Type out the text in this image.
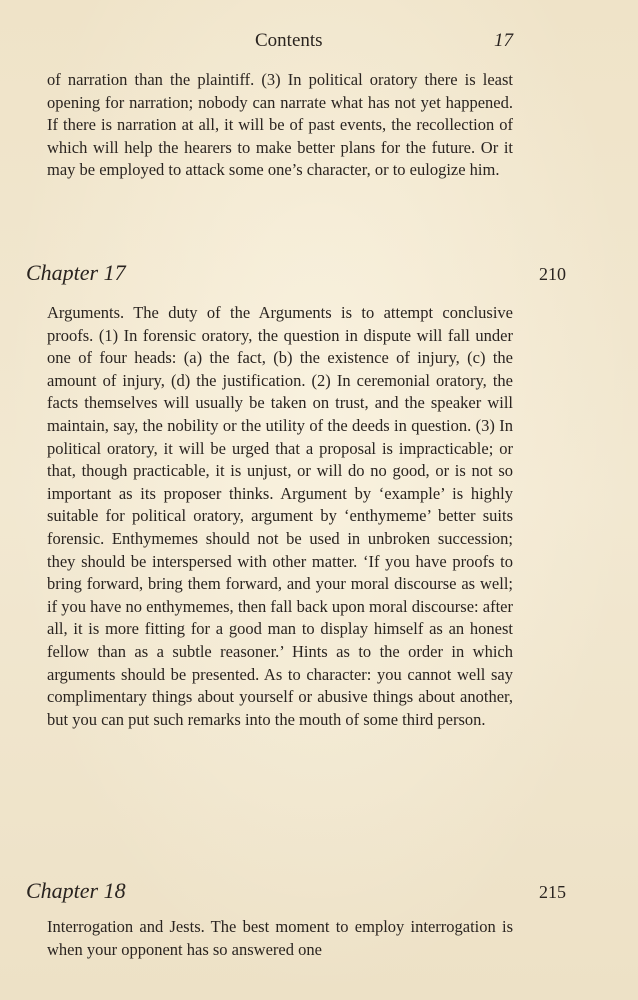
Contents	17

of narration than the plaintiff. (3) In political oratory there is least opening for narration; nobody can narrate what has not yet happened. If there is narration at all, it will be of past events, the recollection of which will help the hearers to make better plans for the future. Or it may be employed to attack some one’s character, or to eulogize him.

Chapter 17	210

Arguments. The duty of the Arguments is to attempt conclusive proofs. (1) In forensic oratory, the question in dispute will fall under one of four heads: (a) the fact, (b) the existence of injury, (c) the amount of injury, (d) the justification. (2) In ceremonial oratory, the facts themselves will usually be taken on trust, and the speaker will maintain, say, the nobility or the utility of the deeds in question. (3) In political oratory, it will be urged that a proposal is impracticable; or that, though practicable, it is unjust, or will do no good, or is not so important as its proposer thinks. Argument by ‘example’ is highly suitable for political oratory, argument by ‘enthymeme’ better suits forensic. Enthymemes should not be used in unbroken succession; they should be interspersed with other matter. ‘If you have proofs to bring forward, bring them forward, and your moral discourse as well; if you have no enthymemes, then fall back upon moral discourse: after all, it is more fitting for a good man to display himself as an honest fellow than as a subtle reasoner.’ Hints as to the order in which arguments should be presented. As to character: you cannot well say complimentary things about yourself or abusive things about another, but you can put such remarks into the mouth of some third person.

Chapter 18	215

Interrogation and Jests. The best moment to employ interrogation is when your opponent has so answered one
